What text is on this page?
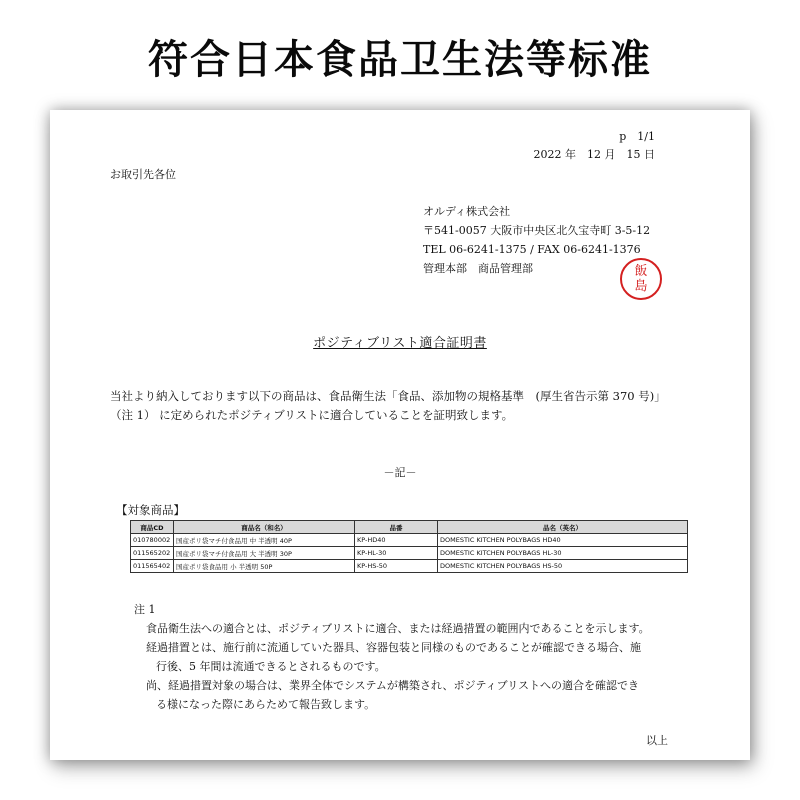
符合日本食品卫生法等标准
p　1/1
2022 年　12 月　15 日
お取引先各位
オルディ株式会社
〒541-0057 大阪市中央区北久宝寺町 3-5-12
TEL 06-6241-1375 / FAX 06-6241-1376
管理本部　商品管理部	飯
島
ポジティブリスト適合証明書
当社より納入しております以下の商品は、食品衛生法「食品、添加物の規格基準　(厚生省告示第 370 号)」
（注 1） に定められたポジティブリストに適合していることを証明致します。
－記－
【対象商品】
商品CD	商品名（和名）	品番	品名（英名）
010780002	国産ポリ袋マチ付食品用 中 半透明 40P	KP-HD40	DOMESTIC KITCHEN POLYBAGS HD40
011565202	国産ポリ袋マチ付食品用 大 半透明 30P	KP-HL-30	DOMESTIC KITCHEN POLYBAGS HL-30
011565402	国産ポリ袋食品用 小 半透明 50P	KP-HS-50	DOMESTIC KITCHEN POLYBAGS HS-50
注 1
食品衛生法への適合とは、ポジティブリストに適合、または経過措置の範囲内であることを示します。
経過措置とは、施行前に流通していた器具、容器包装と同様のものであることが確認できる場合、施
行後、5 年間は流通できるとされるものです。
尚、経過措置対象の場合は、業界全体でシステムが構築され、ポジティブリストへの適合を確認でき
る様になった際にあらためて報告致します。
以上
